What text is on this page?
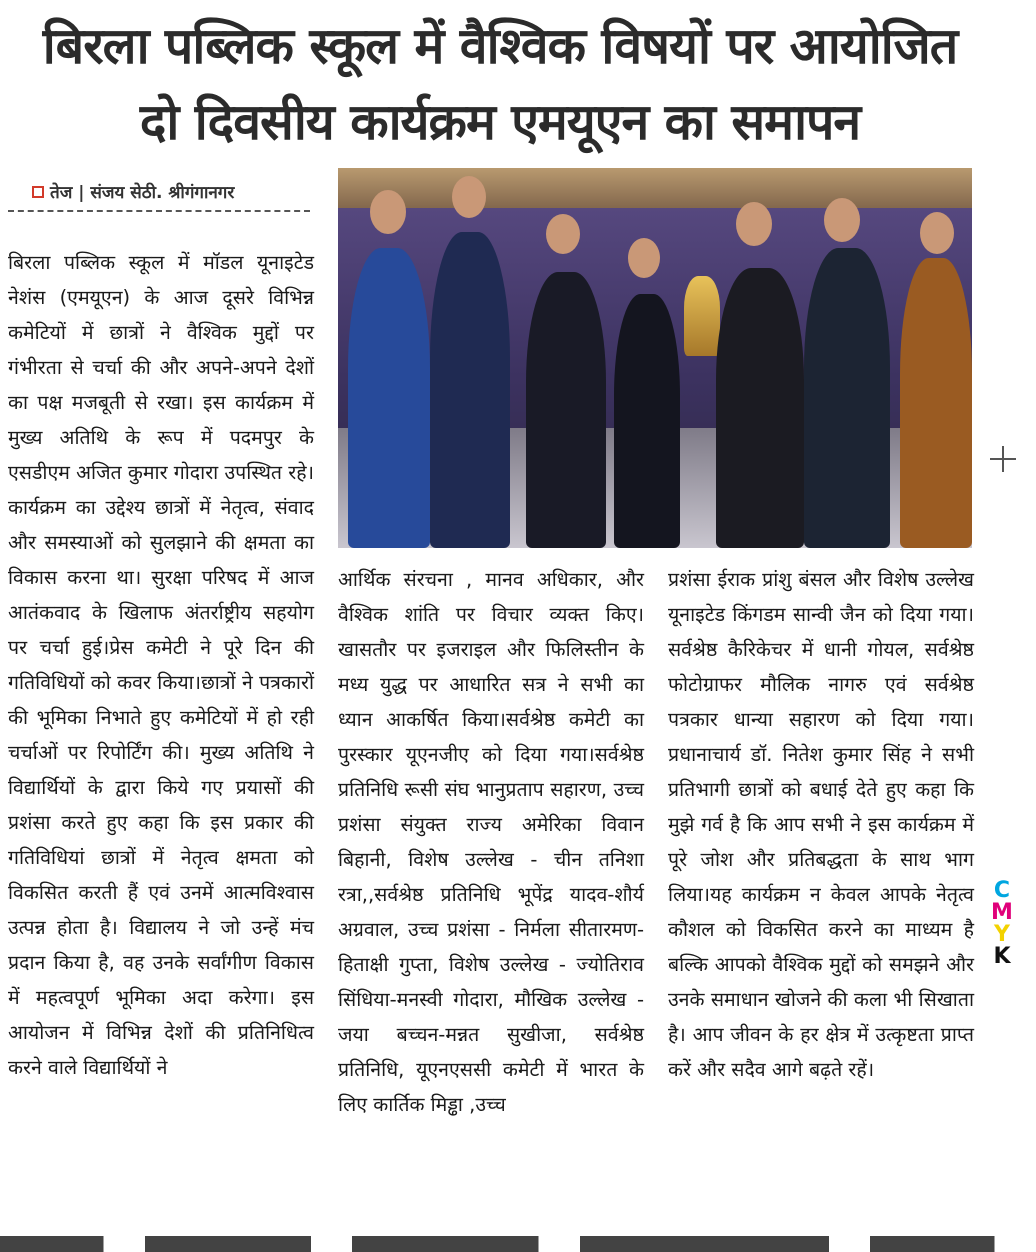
बिरला पब्लिक स्कूल में वैश्विक विषयों पर आयोजित
दो दिवसीय कार्यक्रम एमयूएन का समापन
तेज | संजय सेठी. श्रीगंगानगर
बिरला पब्लिक स्कूल में मॉडल यूनाइटेड नेशंस (एमयूएन) के आज दूसरे विभिन्न कमेटियों में छात्रों ने वैश्विक मुद्दों पर गंभीरता से चर्चा की और अपने-अपने देशों का पक्ष मजबूती से रखा। इस कार्यक्रम में मुख्य अतिथि के रूप में पदमपुर के एसडीएम अजित कुमार गोदारा उपस्थित रहे। कार्यक्रम का उद्देश्य छात्रों में नेतृत्व, संवाद और समस्याओं को सुलझाने की क्षमता का विकास करना था। सुरक्षा परिषद में आज आतंकवाद के खिलाफ अंतर्राष्ट्रीय सहयोग पर चर्चा हुई।प्रेस कमेटी ने पूरे दिन की गतिविधियों को कवर किया।छात्रों ने पत्रकारों की भूमिका निभाते हुए कमेटियों में हो रही चर्चाओं पर रिपोर्टिंग की। मुख्य अतिथि ने विद्यार्थियों के द्वारा किये गए प्रयासों की प्रशंसा करते हुए कहा कि इस प्रकार की गतिविधियां छात्रों में नेतृत्व क्षमता को विकसित करती हैं एवं उनमें आत्मविश्वास उत्पन्न होता है। विद्यालय ने जो उन्हें मंच प्रदान किया है, वह उनके सर्वांगीण विकास में महत्वपूर्ण भूमिका अदा करेगा। इस आयोजन में विभिन्न देशों की प्रतिनिधित्व करने वाले विद्यार्थियों ने
आर्थिक संरचना , मानव अधिकार, और वैश्विक शांति पर विचार व्यक्त किए। खासतौर पर इजराइल और फिलिस्तीन के मध्य युद्ध पर आधारित सत्र ने सभी का ध्यान आकर्षित किया।सर्वश्रेष्ठ कमेटी का पुरस्कार यूएनजीए को दिया गया।सर्वश्रेष्ठ प्रतिनिधि रूसी संघ भानुप्रताप सहारण, उच्च प्रशंसा संयुक्त राज्य अमेरिका विवान बिहानी, विशेष उल्लेख - चीन तनिशा रत्रा,,सर्वश्रेष्ठ प्रतिनिधि भूपेंद्र यादव-शौर्य अग्रवाल, उच्च प्रशंसा - निर्मला सीतारमण-हिताक्षी गुप्ता, विशेष उल्लेख - ज्योतिराव सिंधिया-मनस्वी गोदारा, मौखिक उल्लेख - जया बच्चन-मन्नत सुखीजा, सर्वश्रेष्ठ प्रतिनिधि, यूएनएससी कमेटी में भारत के लिए कार्तिक मिड्ढा ,उच्च
प्रशंसा ईराक प्रांशु बंसल और विशेष उल्लेख यूनाइटेड किंगडम सान्वी जैन को दिया गया।सर्वश्रेष्ठ कैरिकेचर में धानी गोयल, सर्वश्रेष्ठ फोटोग्राफर मौलिक नागरु एवं सर्वश्रेष्ठ पत्रकार धान्या सहारण को दिया गया।प्रधानाचार्य डॉ. नितेश कुमार सिंह ने सभी प्रतिभागी छात्रों को बधाई देते हुए कहा कि मुझे गर्व है कि आप सभी ने इस कार्यक्रम में पूरे जोश और प्रतिबद्धता के साथ भाग लिया।यह कार्यक्रम न केवल आपके नेतृत्व कौशल को विकसित करने का माध्यम है बल्कि आपको वैश्विक मुद्दों को समझने और उनके समाधान खोजने की कला भी सिखाता है। आप जीवन के हर क्षेत्र में उत्कृष्टता प्राप्त करें और सदैव आगे बढ़ते रहें।
C
M
Y
K
